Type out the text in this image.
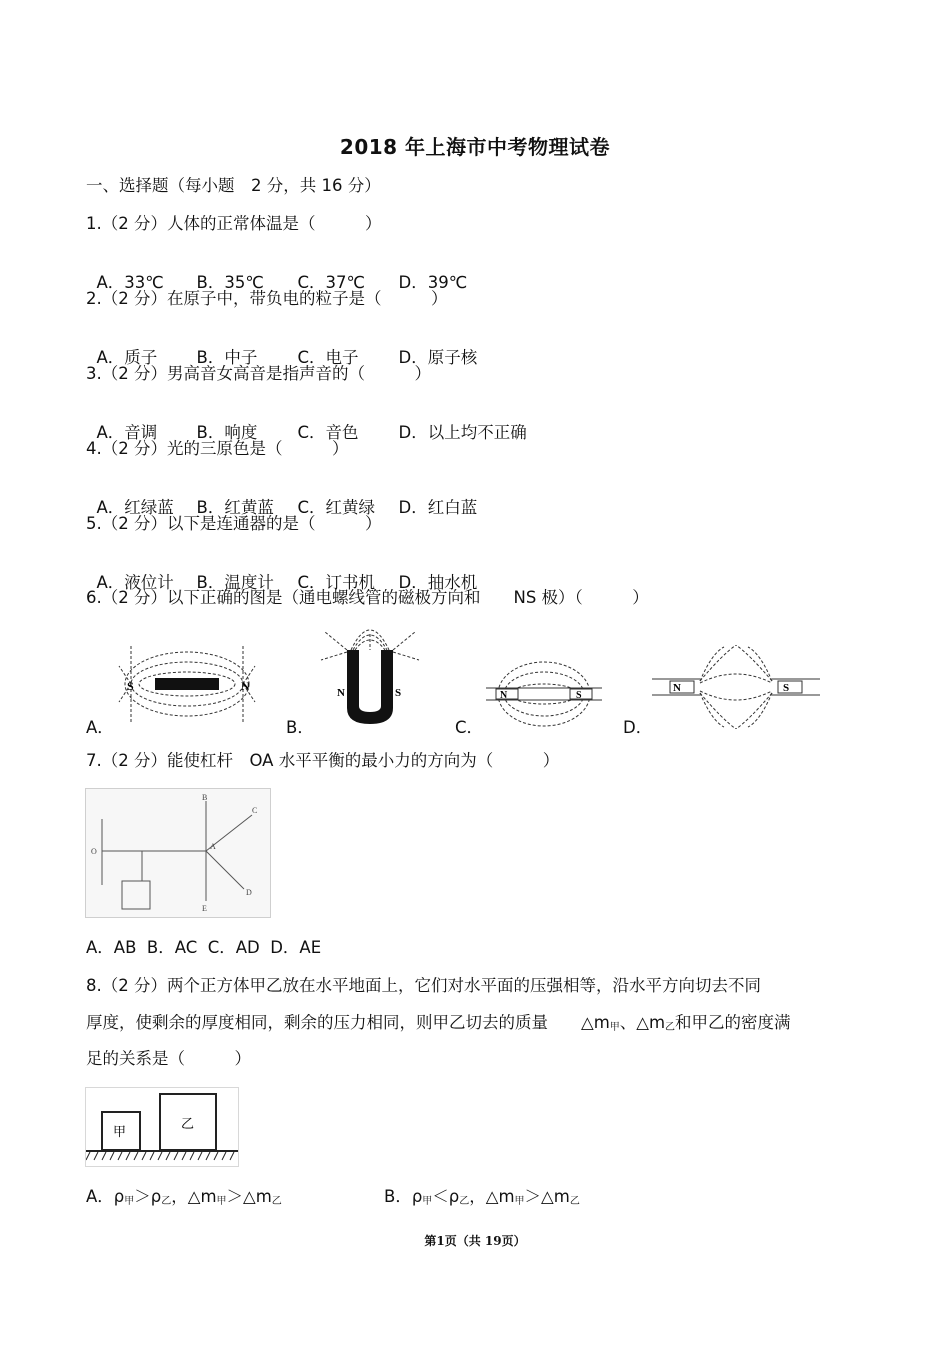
2018 年上海市中考物理试卷
一、选择题（每小题　2 分，共 16 分）
1.（2 分）人体的正常体温是（　　　）

A．33℃ B．35℃ C．37℃ D．39℃

2.（2 分）在原子中，带负电的粒子是（　　　）

A．质子 B．中子 C．电子 D．原子核

3.（2 分）男高音女高音是指声音的（　　　）

A．音调 B．响度 C．音色 D．以上均不正确

4.（2 分）光的三原色是（　　　）

A．红绿蓝 B．红黄蓝 C．红黄绿 D．红白蓝

5.（2 分）以下是连通器的是（　　　）

A．液位计 B．温度计 C．订书机 D．抽水机

6.（2 分）以下正确的图是（通电螺线管的磁极方向和　　NS 极）（　　　）
A．
S	N
B．
N	S
C．
N	S
D．
N	S
7.（2 分）能使杠杆　OA 水平平衡的最小力的方向为（　　　）
O
A
B
C
D
E
A．AB  B．AC  C．AD  D．AE
8.（2 分）两个正方体甲乙放在水平地面上，它们对水平面的压强相等，沿水平方向切去不同
厚度，使剩余的厚度相同，剩余的压力相同，则甲乙切去的质量　　$\triangle m_甲$、$\triangle m_乙$和甲乙的密度满
足的关系是（　　　）
甲
乙
A．$\rho_甲>\rho_乙$，$\triangle m_甲>\triangle m_乙$	B．$\rho_甲<\rho_乙$，$\triangle m_甲>\triangle m_乙$
第1页（共 19页）
